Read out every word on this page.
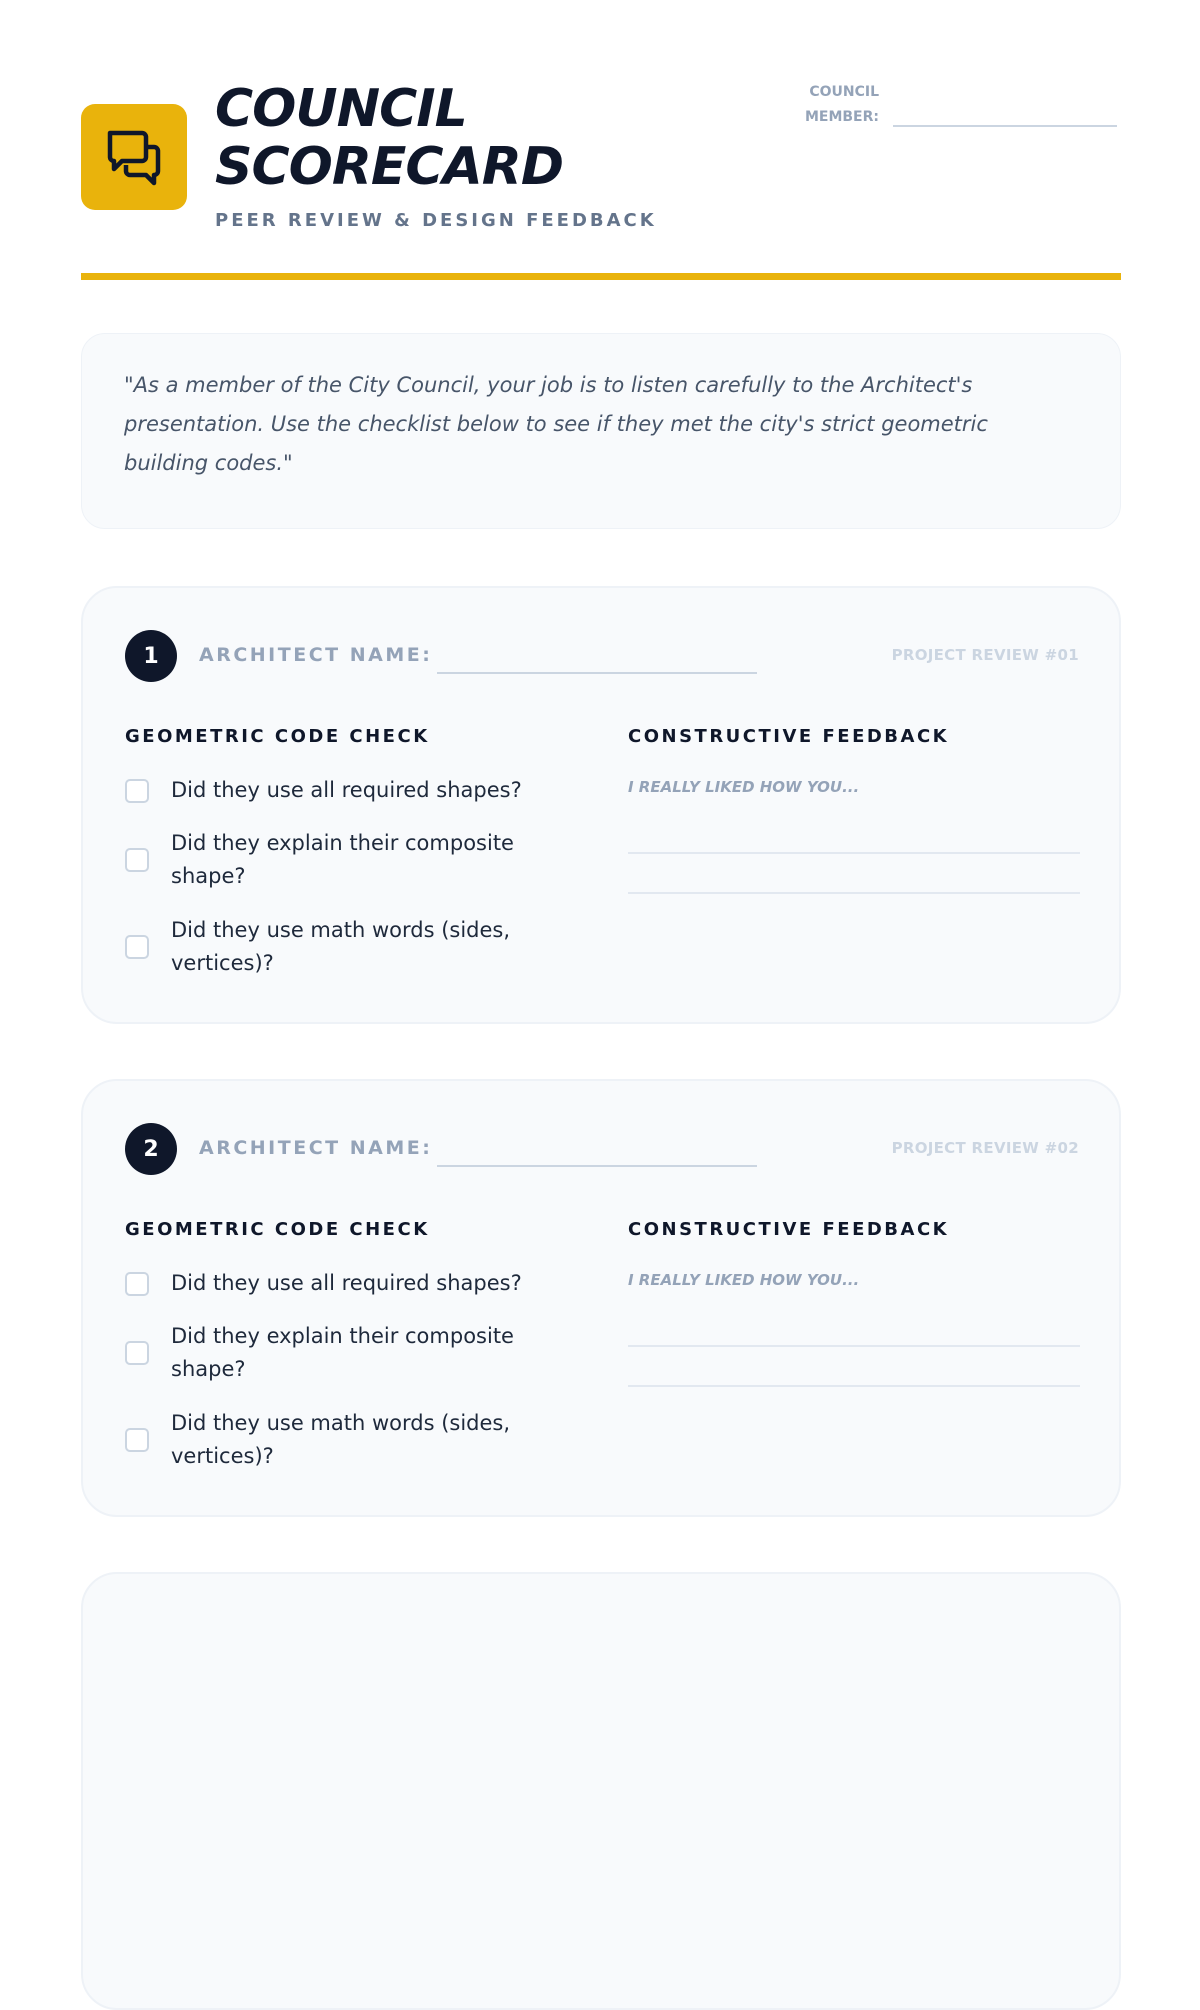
COUNCIL
SCORECARD
PEER REVIEW & DESIGN FEEDBACK
COUNCIL
MEMBER:

"As a member of the City Council, your job is to listen carefully to the Architect's presentation. Use the checklist below to see if they met the city's strict geometric building codes."

1	ARCHITECT NAME:	PROJECT REVIEW #01
GEOMETRIC CODE CHECK	CONSTRUCTIVE FEEDBACK
Did they use all required shapes?
Did they explain their composite shape?
Did they use math words (sides, vertices)?
I REALLY LIKED HOW YOU...
2	ARCHITECT NAME:	PROJECT REVIEW #02
GEOMETRIC CODE CHECK	CONSTRUCTIVE FEEDBACK
Did they use all required shapes?
Did they explain their composite shape?
Did they use math words (sides, vertices)?
I REALLY LIKED HOW YOU...
